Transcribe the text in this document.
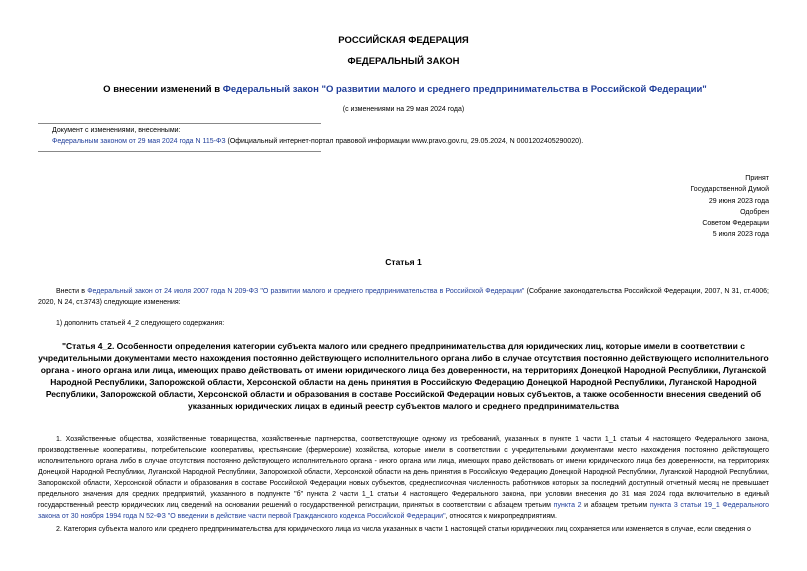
РОССИЙСКАЯ ФЕДЕРАЦИЯ
ФЕДЕРАЛЬНЫЙ ЗАКОН
О внесении изменений в Федеральный закон "О развитии малого и среднего предпринимательства в Российской Федерации"
(с изменениями на 29 мая 2024 года)
Документ с изменениями, внесенными:
Федеральным законом от 29 мая 2024 года N 115-ФЗ (Официальный интернет-портал правовой информации www.pravo.gov.ru, 29.05.2024, N 0001202405290020).
Принят
Государственной Думой
29 июня 2023 года
Одобрен
Советом Федерации
5 июля 2023 года
Статья 1
Внести в Федеральный закон от 24 июля 2007 года N 209-ФЗ "О развитии малого и среднего предпринимательства в Российской Федерации" (Собрание законодательства Российской Федерации, 2007, N 31, ст.4006; 2020, N 24, ст.3743) следующие изменения:
1) дополнить статьей 4_2 следующего содержания:
"Статья 4_2. Особенности определения категории субъекта малого или среднего предпринимательства для юридических лиц, которые имели в соответствии с учредительными документами место нахождения постоянно действующего исполнительного органа либо в случае отсутствия постоянно действующего исполнительного органа - иного органа или лица, имеющих право действовать от имени юридического лица без доверенности, на территориях Донецкой Народной Республики, Луганской Народной Республики, Запорожской области, Херсонской области на день принятия в Российскую Федерацию Донецкой Народной Республики, Луганской Народной Республики, Запорожской области, Херсонской области и образования в составе Российской Федерации новых субъектов, а также особенности внесения сведений об указанных юридических лицах в единый реестр субъектов малого и среднего предпринимательства
1. Хозяйственные общества, хозяйственные товарищества, хозяйственные партнерства, соответствующие одному из требований, указанных в пункте 1 части 1_1 статьи 4 настоящего Федерального закона, производственные кооперативы, потребительские кооперативы, крестьянские (фермерские) хозяйства, которые имели в соответствии с учредительными документами место нахождения постоянно действующего исполнительного органа либо в случае отсутствия постоянно действующего исполнительного органа - иного органа или лица, имеющих право действовать от имени юридического лица без доверенности, на территориях Донецкой Народной Республики, Луганской Народной Республики, Запорожской области, Херсонской области на день принятия в Российскую Федерацию Донецкой Народной Республики, Луганской Народной Республики, Запорожской области, Херсонской области и образования в составе Российской Федерации новых субъектов, среднесписочная численность работников которых за последний доступный отчетный месяц не превышает предельного значения для средних предприятий, указанного в подпункте "б" пункта 2 части 1_1 статьи 4 настоящего Федерального закона, при условии внесения до 31 мая 2024 года включительно в единый государственный реестр юридических лиц сведений на основании решений о государственной регистрации, принятых в соответствии с абзацем третьим пункта 2 и абзацем третьим пункта 3 статьи 19_1 Федерального закона от 30 ноября 1994 года N 52-ФЗ "О введении в действие части первой Гражданского кодекса Российской Федерации", относятся к микропредприятиям.
2. Категория субъекта малого или среднего предпринимательства для юридического лица из числа указанных в части 1 настоящей статьи юридических лиц сохраняется или изменяется в случае, если сведения о
